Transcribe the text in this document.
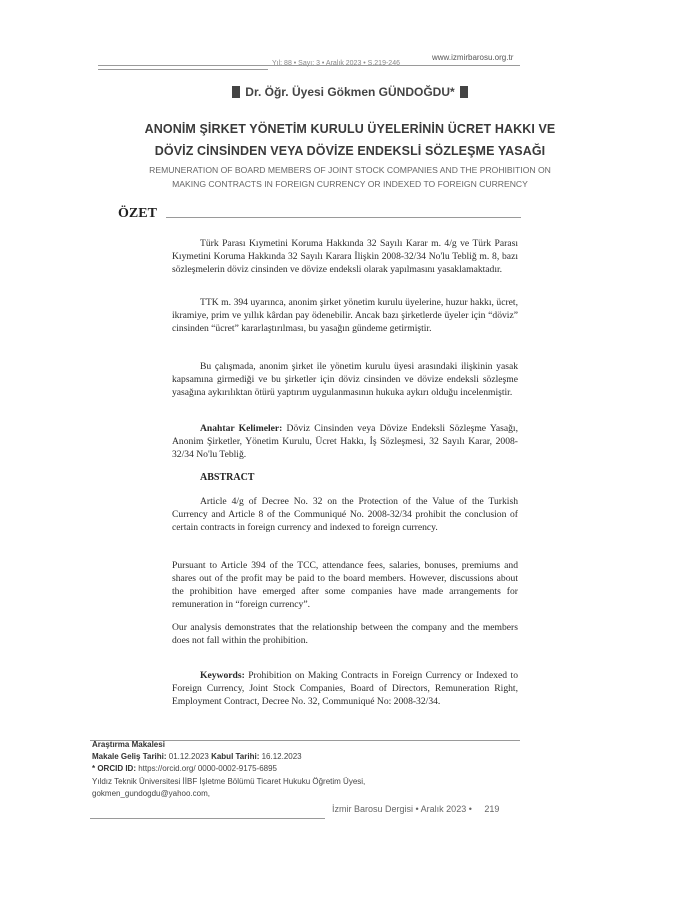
www.izmirbarosu.org.tr
Yıl: 88 • Sayı: 3 • Aralık 2023 • S.219-246
Dr. Öğr. Üyesi Gökmen GÜNDOĞDU*
ANONİM ŞİRKET YÖNETİM KURULU ÜYELERİNİN ÜCRET HAKKI VE
DÖVİZ CİNSİNDEN VEYA DÖVİZE ENDEKSLİ SÖZLEŞME YASAĞI
REMUNERATION OF BOARD MEMBERS OF JOINT STOCK COMPANIES AND THE PROHIBITION ON
MAKING CONTRACTS IN FOREIGN CURRENCY OR INDEXED TO FOREIGN CURRENCY
ÖZET

Türk Parası Kıymetini Koruma Hakkında 32 Sayılı Karar m. 4/g ve Türk Parası Kıymetini Koruma Hakkında 32 Sayılı Karara İlişkin 2008-32/34 No'lu Tebliğ m. 8, bazı sözleşmelerin döviz cinsinden ve dövize endeksli olarak yapılmasını yasaklamaktadır.

TTK m. 394 uyarınca, anonim şirket yönetim kurulu üyelerine, huzur hakkı, ücret, ikramiye, prim ve yıllık kârdan pay ödenebilir. Ancak bazı şirketlerde üyeler için “döviz” cinsinden “ücret” kararlaştırılması, bu yasağın gündeme getirmiştir.

Bu çalışmada, anonim şirket ile yönetim kurulu üyesi arasındaki ilişkinin yasak kapsamına girmediği ve bu şirketler için döviz cinsinden ve dövize endeksli sözleşme yasağına aykırılıktan ötürü yaptırım uygulanmasının hukuka aykırı olduğu incelenmiştir.

Anahtar Kelimeler: Döviz Cinsinden veya Dövize Endeksli Sözleşme Yasağı, Anonim Şirketler, Yönetim Kurulu, Ücret Hakkı, İş Sözleşmesi, 32 Sayılı Karar, 2008-32/34 No'lu Tebliğ.

ABSTRACT

Article 4/g of Decree No. 32 on the Protection of the Value of the Turkish Currency and Article 8 of the Communiqué No. 2008-32/34 prohibit the conclusion of certain contracts in foreign currency and indexed to foreign currency.

Pursuant to Article 394 of the TCC, attendance fees, salaries, bonuses, premiums and shares out of the profit may be paid to the board members. However, discussions about the prohibition have emerged after some companies have made arrangements for remuneration in “foreign currency”.

Our analysis demonstrates that the relationship between the company and the members does not fall within the prohibition.

Keywords: Prohibition on Making Contracts in Foreign Currency or Indexed to Foreign Currency, Joint Stock Companies, Board of Directors, Remuneration Right, Employment Contract, Decree No. 32, Communiqué No: 2008-32/34.

Araştırma Makalesi
Makale Geliş Tarihi: 01.12.2023 Kabul Tarihi: 16.12.2023
* ORCID ID: https://orcid.org/ 0000-0002-9175-6895
Yıldız Teknik Üniversitesi İİBF İşletme Bölümü Ticaret Hukuku Öğretim Üyesi,
gokmen_gundogdu@yahoo.com,
İzmir Barosu Dergisi • Aralık 2023 • 219
